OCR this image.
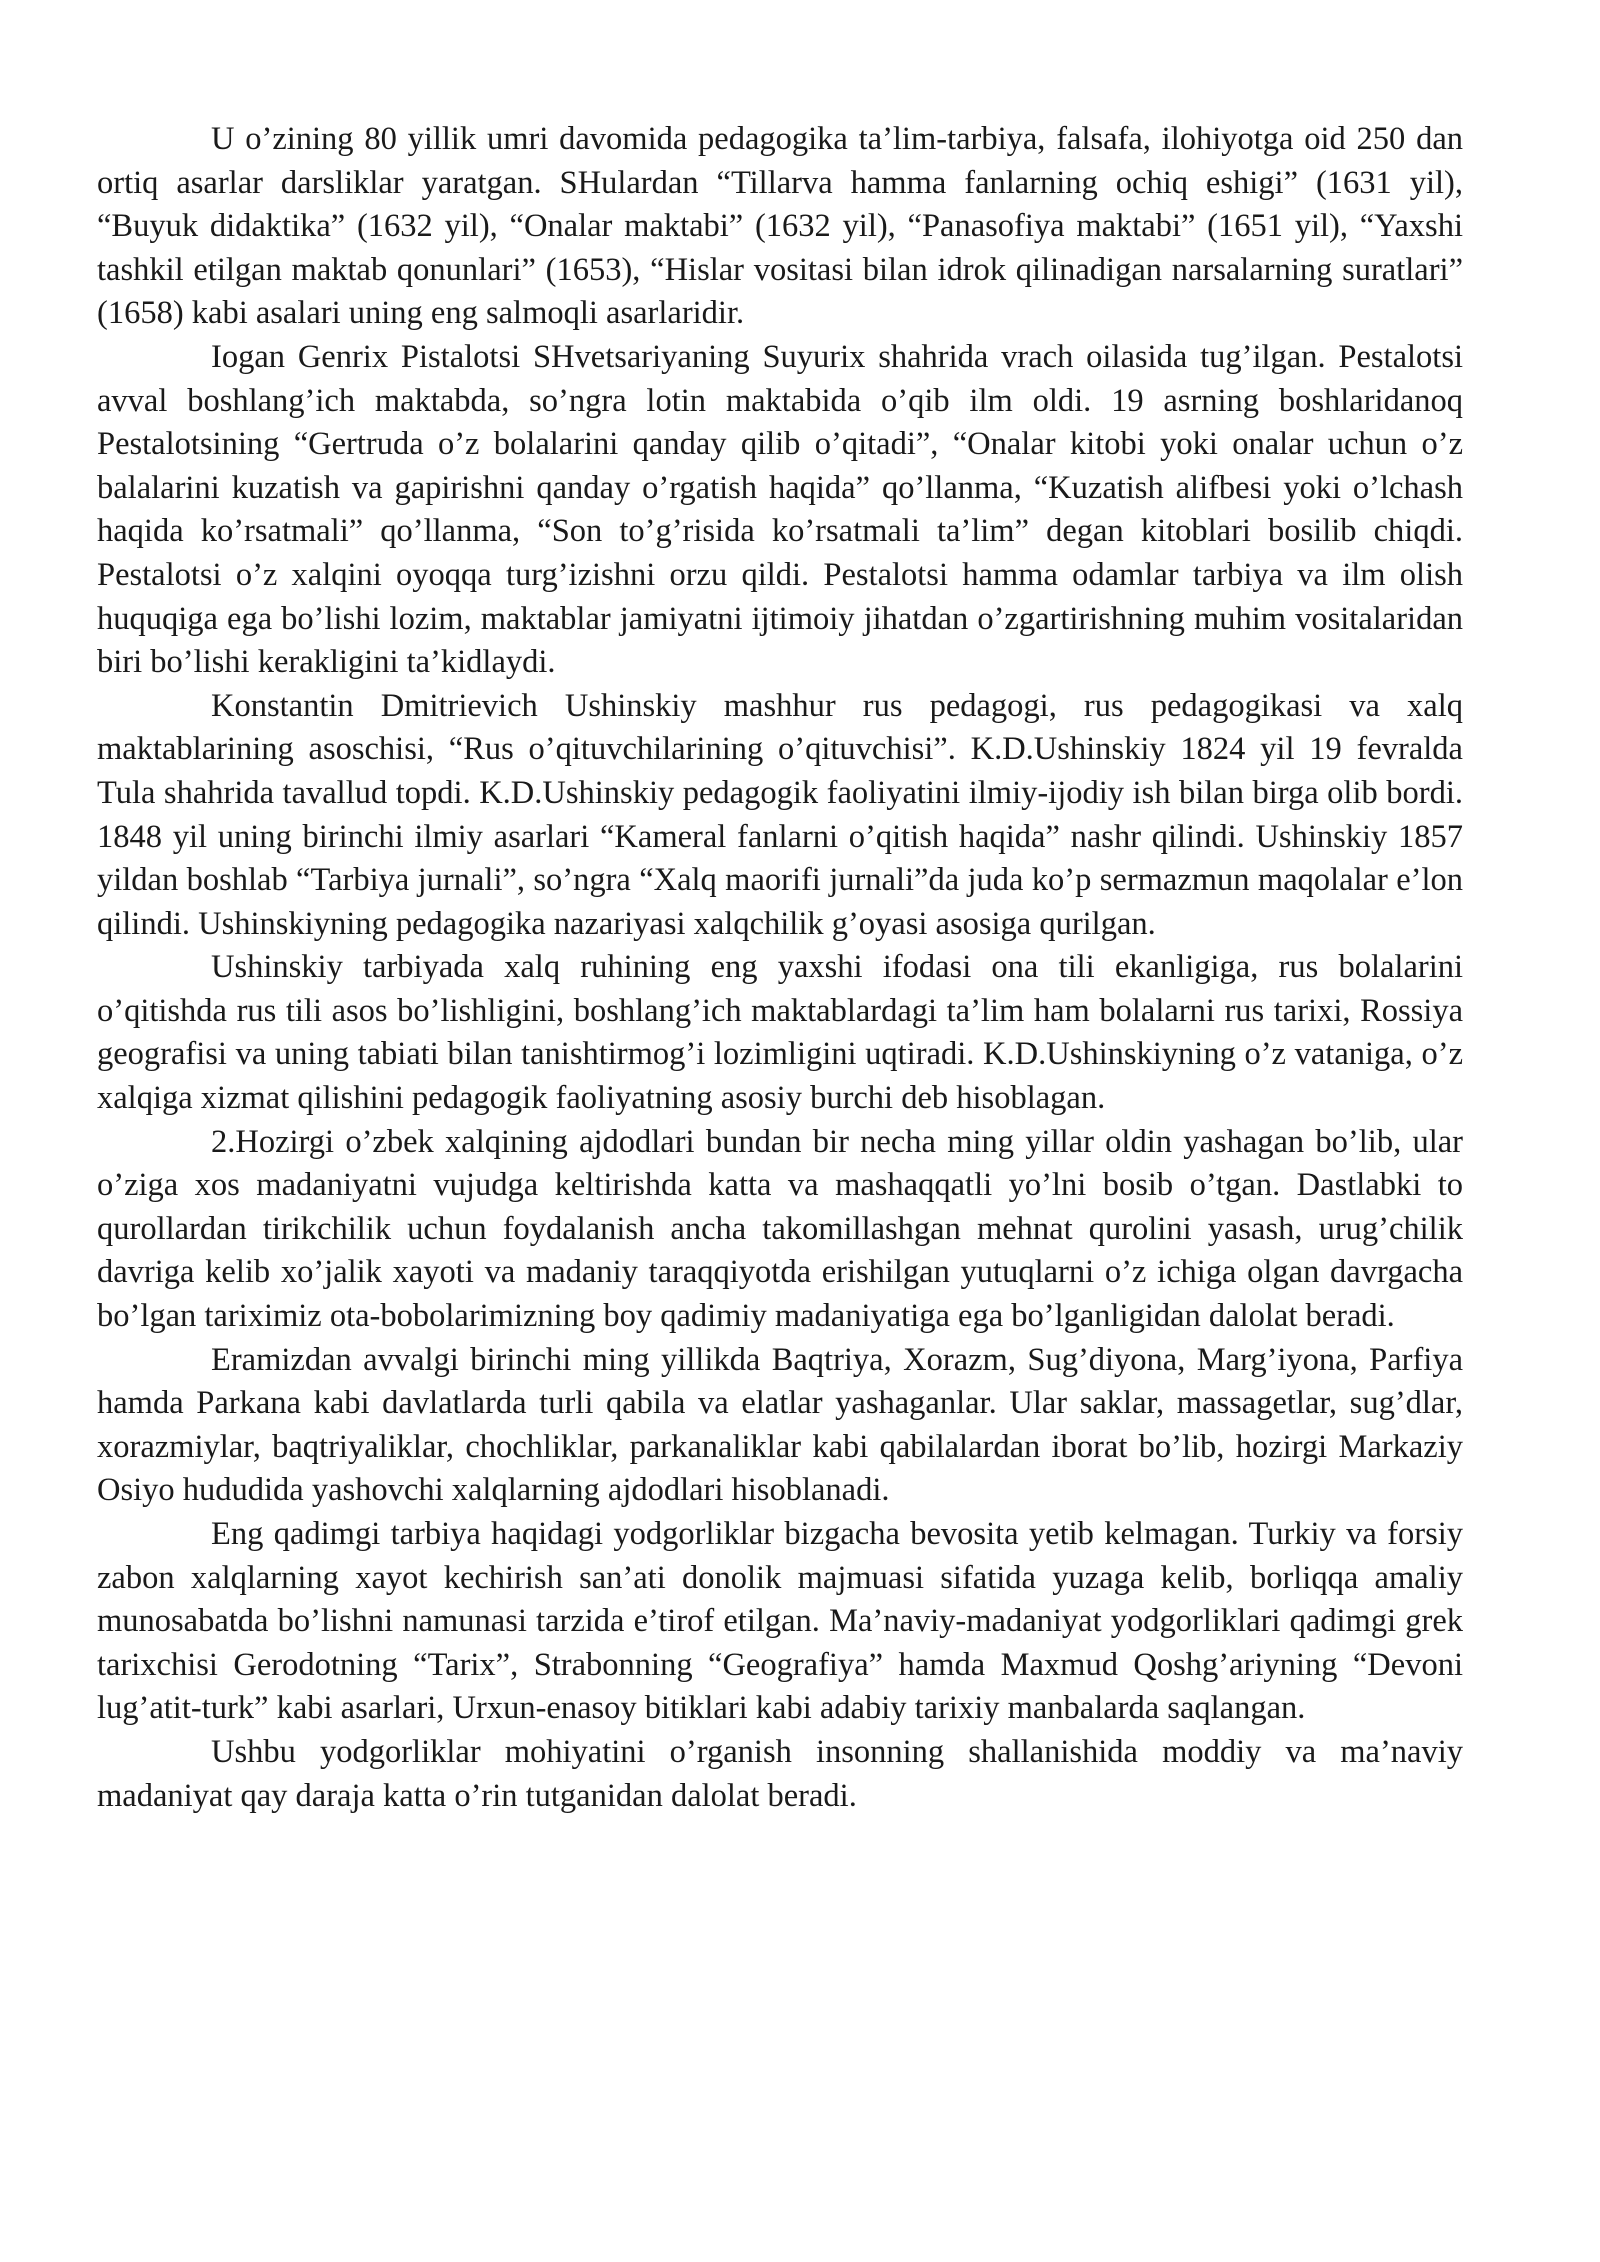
U o’zining 80 yillik umri davomida pedagogika ta’lim-tarbiya, falsafa, ilohiyotga oid 250 dan ortiq asarlar darsliklar yaratgan. SHulardan “Tillarva hamma fanlarning ochiq eshigi” (1631 yil), “Buyuk didaktika” (1632 yil), “Onalar maktabi” (1632 yil), “Panasofiya maktabi” (1651 yil), “Yaxshi tashkil etilgan maktab qonunlari” (1653), “Hislar vositasi bilan idrok qilinadigan narsalarning suratlari” (1658) kabi asalari uning eng salmoqli asarlaridir.

Iogan Genrix Pistalotsi SHvetsariyaning Suyurix shahrida vrach oilasida tug’ilgan. Pestalotsi avval boshlang’ich maktabda, so’ngra lotin maktabida o’qib ilm oldi. 19 asrning boshlaridanoq Pestalotsining “Gertruda o’z bolalarini qanday qilib o’qitadi”, “Onalar kitobi yoki onalar uchun o’z balalarini kuzatish va gapirishni qanday o’rgatish haqida” qo’llanma, “Kuzatish alifbesi yoki o’lchash haqida ko’rsatmali” qo’llanma, “Son to’g’risida ko’rsatmali ta’lim” degan kitoblari bosilib chiqdi. Pestalotsi o’z xalqini oyoqqa turg’izishni orzu qildi. Pestalotsi hamma odamlar tarbiya va ilm olish huquqiga ega bo’lishi lozim, maktablar jamiyatni ijtimoiy jihatdan o’zgartirishning muhim vositalaridan biri bo’lishi kerakligini ta’kidlaydi.

Konstantin Dmitrievich Ushinskiy mashhur rus pedagogi, rus pedagogikasi va xalq maktablarining asoschisi, “Rus o’qituvchilarining o’qituvchisi”. K.D.Ushinskiy 1824 yil 19 fevralda Tula shahrida tavallud topdi. K.D.Ushinskiy pedagogik faoliyatini ilmiy-ijodiy ish bilan birga olib bordi. 1848 yil uning birinchi ilmiy asarlari “Kameral fanlarni o’qitish haqida” nashr qilindi. Ushinskiy 1857 yildan boshlab “Tarbiya jurnali”, so’ngra “Xalq maorifi jurnali”da juda ko’p sermazmun maqolalar e’lon qilindi. Ushinskiyning pedagogika nazariyasi xalqchilik g’oyasi asosiga qurilgan.

Ushinskiy tarbiyada xalq ruhining eng yaxshi ifodasi ona tili ekanligiga, rus bolalarini o’qitishda rus tili asos bo’lishligini, boshlang’ich maktablardagi ta’lim ham bolalarni rus tarixi, Rossiya geografisi va uning tabiati bilan tanishtirmog’i lozimligini uqtiradi. K.D.Ushinskiyning o’z vataniga, o’z xalqiga xizmat qilishini pedagogik faoliyatning asosiy burchi deb hisoblagan.

2.Hozirgi o’zbek xalqining ajdodlari bundan bir necha ming yillar oldin yashagan bo’lib, ular o’ziga xos madaniyatni vujudga keltirishda katta va mashaqqatli yo’lni bosib o’tgan. Dastlabki to qurollardan tirikchilik uchun foydalanish ancha takomillashgan mehnat qurolini yasash, urug’chilik davriga kelib xo’jalik xayoti va madaniy taraqqiyotda erishilgan yutuqlarni o’z ichiga olgan davrgacha bo’lgan tariximiz ota-bobolarimizning boy qadimiy madaniyatiga ega bo’lganligidan dalolat beradi.

Eramizdan avvalgi birinchi ming yillikda Baqtriya, Xorazm, Sug’diyona, Marg’iyona, Parfiya hamda Parkana kabi davlatlarda turli qabila va elatlar yashaganlar. Ular saklar, massagetlar, sug’dlar, xorazmiylar, baqtriyaliklar, chochliklar, parkanaliklar kabi qabilalardan iborat bo’lib, hozirgi Markaziy Osiyo hududida yashovchi xalqlarning ajdodlari hisoblanadi.

Eng qadimgi tarbiya haqidagi yodgorliklar bizgacha bevosita yetib kelmagan. Turkiy va forsiy zabon xalqlarning xayot kechirish san’ati donolik majmuasi sifatida yuzaga kelib, borliqqa amaliy munosabatda bo’lishni namunasi tarzida e’tirof etilgan. Ma’naviy-madaniyat yodgorliklari qadimgi grek tarixchisi Gerodotning “Tarix”, Strabonning “Geografiya” hamda Maxmud Qoshg’ariyning “Devoni lug’atit-turk” kabi asarlari, Urxun-enasoy bitiklari kabi adabiy tarixiy manbalarda saqlangan.

Ushbu yodgorliklar mohiyatini o’rganish insonning shallanishida moddiy va ma’naviy madaniyat qay daraja katta o’rin tutganidan dalolat beradi.
